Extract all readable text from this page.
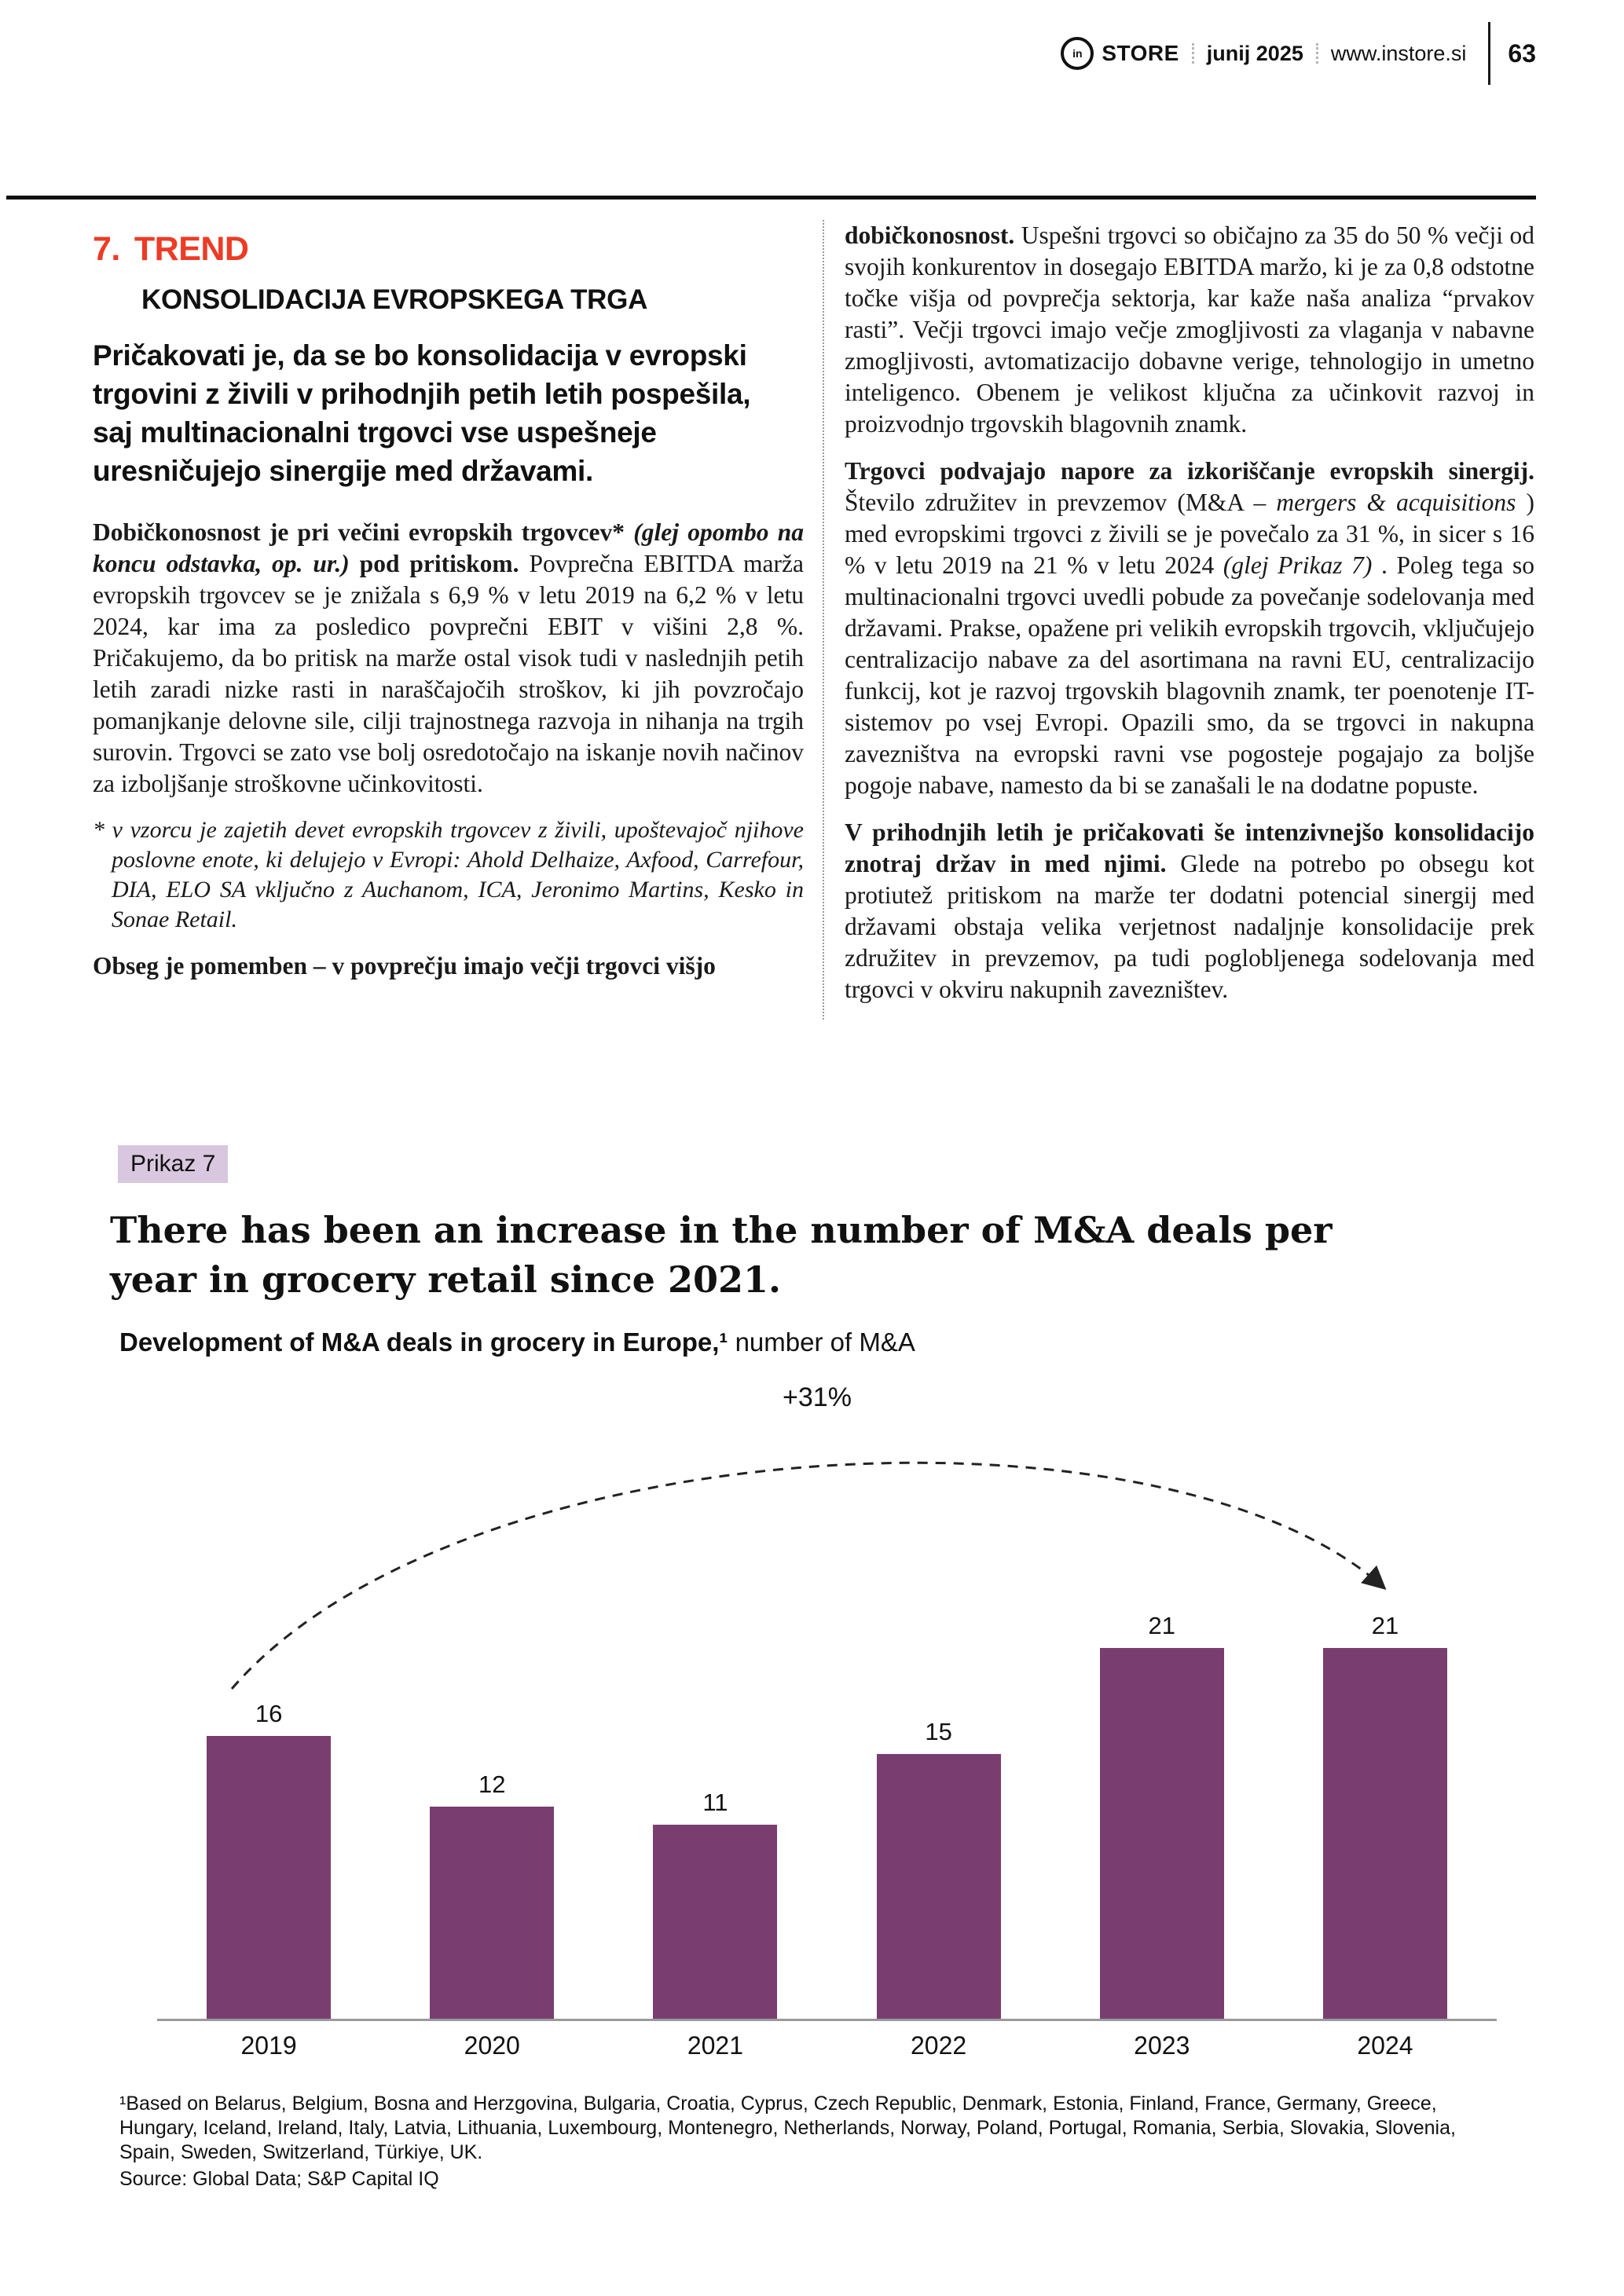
in STORE junij 2025 www.instore.si 63
7. TREND
KONSOLIDACIJA EVROPSKEGA TRGA
Pričakovati je, da se bo konsolidacija v evropski trgovini z živili v prihodnjih petih letih pospešila, saj multinacionalni trgovci vse uspešneje uresničujejo sinergije med državami.

Dobičkonosnost je pri večini evropskih trgovcev* (glej opombo na koncu odstavka, op. ur.) pod pritiskom. Povprečna EBITDA marža evropskih trgovcev se je znižala s 6,9 % v letu 2019 na 6,2 % v letu 2024, kar ima za posledico povprečni EBIT v višini 2,8 %. Pričakujemo, da bo pritisk na marže ostal visok tudi v naslednjih petih letih zaradi nizke rasti in naraščajočih stroškov, ki jih povzročajo pomanjkanje delovne sile, cilji trajnostnega razvoja in nihanja na trgih surovin. Trgovci se zato vse bolj osredotočajo na iskanje novih načinov za izboljšanje stroškovne učinkovitosti.

* v vzorcu je zajetih devet evropskih trgovcev z živili, upoštevajoč njihove poslovne enote, ki delujejo v Evropi: Ahold Delhaize, Axfood, Carrefour, DIA, ELO SA vključno z Auchanom, ICA, Jeronimo Martins, Kesko in Sonae Retail.

Obseg je pomemben – v povprečju imajo večji trgovci višjo

dobičkonosnost. Uspešni trgovci so običajno za 35 do 50 % večji od svojih konkurentov in dosegajo EBITDA maržo, ki je za 0,8 odstotne točke višja od povprečja sektorja, kar kaže naša analiza “prvakov rasti”. Večji trgovci imajo večje zmogljivosti za vlaganja v nabavne zmogljivosti, avtomatizacijo dobavne verige, tehnologijo in umetno inteligenco. Obenem je velikost ključna za učinkovit razvoj in proizvodnjo trgovskih blagovnih znamk.

Trgovci podvajajo napore za izkoriščanje evropskih sinergij. Število združitev in prevzemov (M&A – mergers & acquisitions ) med evropskimi trgovci z živili se je povečalo za 31 %, in sicer s 16 % v letu 2019 na 21 % v letu 2024 (glej Prikaz 7) . Poleg tega so multinacionalni trgovci uvedli pobude za povečanje sodelovanja med državami. Prakse, opažene pri velikih evropskih trgovcih, vključujejo centralizacijo nabave za del asortimana na ravni EU, centralizacijo funkcij, kot je razvoj trgovskih blagovnih znamk, ter poenotenje IT-sistemov po vsej Evropi. Opazili smo, da se trgovci in nakupna zavezništva na evropski ravni vse pogosteje pogajajo za boljše pogoje nabave, namesto da bi se zanašali le na dodatne popuste.

V prihodnjih letih je pričakovati še intenzivnejšo konsolidacijo znotraj držav in med njimi. Glede na potrebo po obsegu kot protiutež pritiskom na marže ter dodatni potencial sinergij med državami obstaja velika verjetnost nadaljnje konsolidacije prek združitev in prevzemov, pa tudi poglobljenega sodelovanja med trgovci v okviru nakupnih zavezništev.

Prikaz 7
There has been an increase in the number of M&A deals per year in grocery retail since 2021.
Development of M&A deals in grocery in Europe,¹ number of M&A
+31%
16
12
11
15
21	21
2019	2020	2021	2022	2023	2024
¹Based on Belarus, Belgium, Bosna and Herzgovina, Bulgaria, Croatia, Cyprus, Czech Republic, Denmark, Estonia, Finland, France, Germany, Greece, Hungary, Iceland, Ireland, Italy, Latvia, Lithuania, Luxembourg, Montenegro, Netherlands, Norway, Poland, Portugal, Romania, Serbia, Slovakia, Slovenia, Spain, Sweden, Switzerland, Türkiye, UK.
Source: Global Data; S&P Capital IQ
